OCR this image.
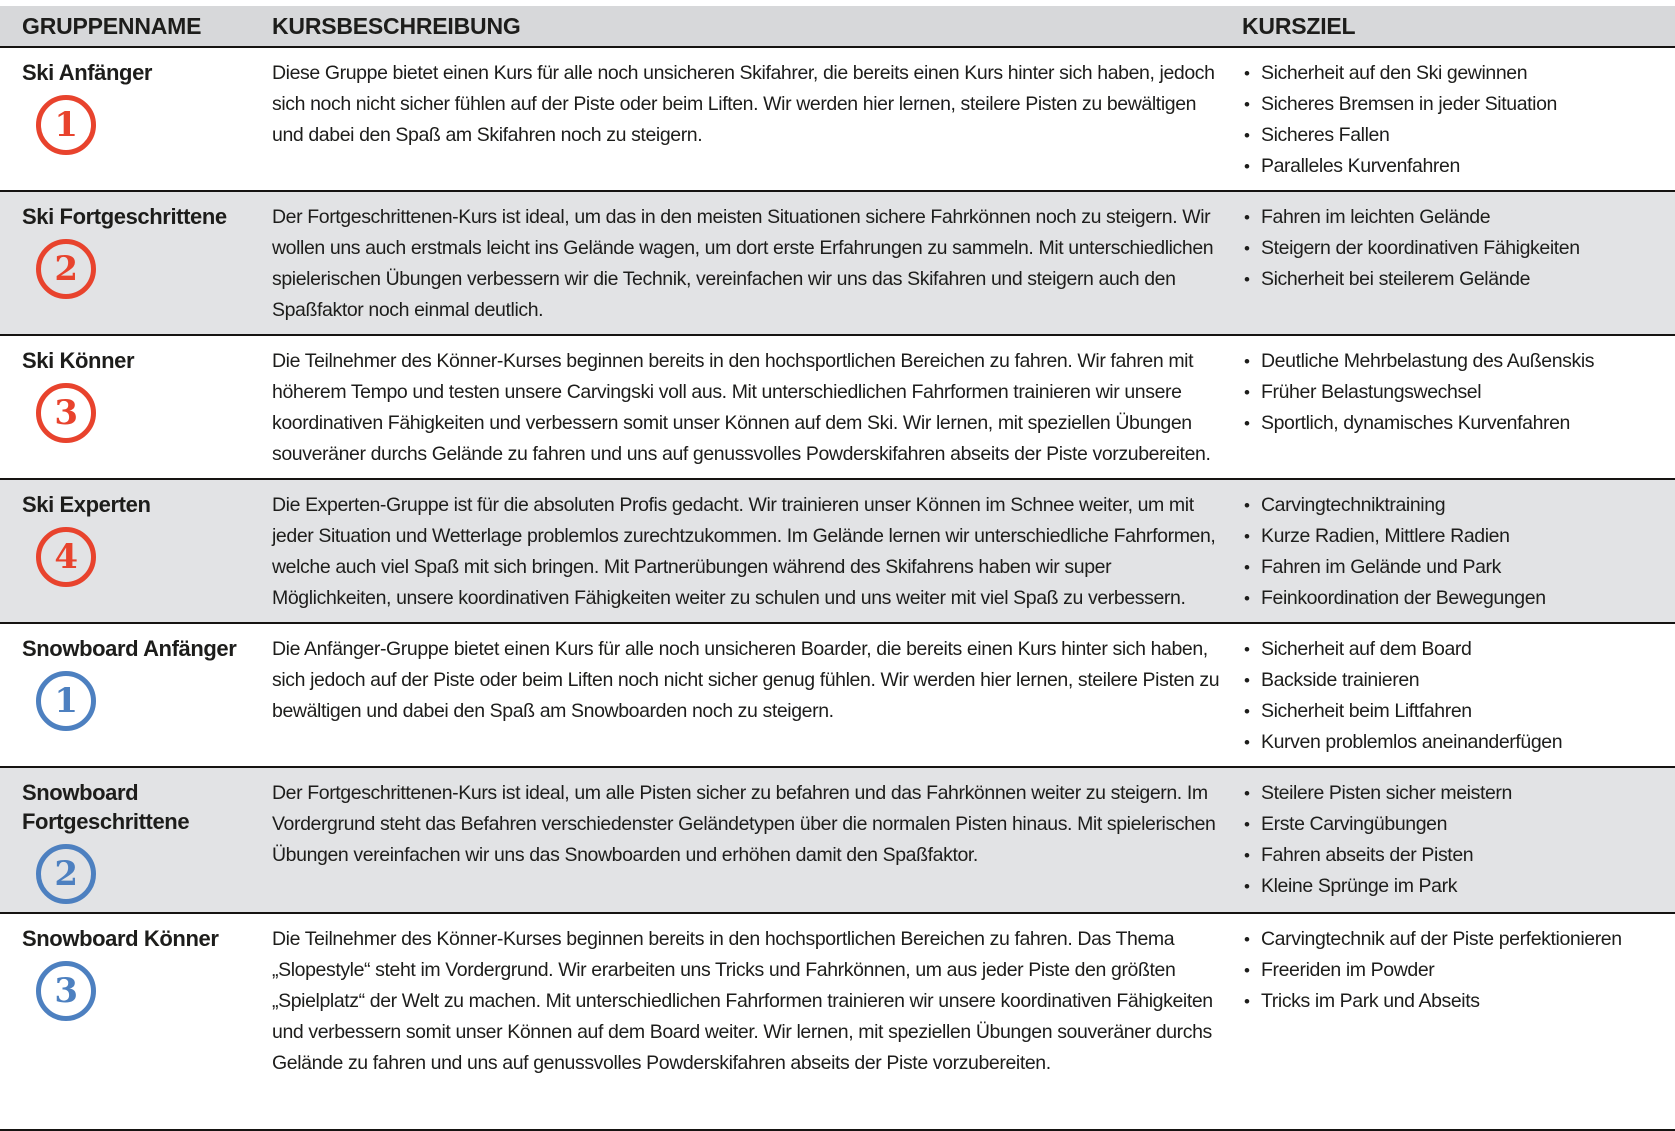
GRUPPENNAME	KURSBESCHREIBUNG	KURSZIEL
Ski Anfänger
1
Diese Gruppe bietet einen Kurs für alle noch unsicheren Skifahrer, die bereits einen Kurs hinter sich haben, jedoch sich noch nicht sicher fühlen auf der Piste oder beim Liften. Wir werden hier lernen, steilere Pisten zu bewältigen und dabei den Spaß am Skifahren noch zu steigern.
• Sicherheit auf den Ski gewinnen
• Sicheres Bremsen in jeder Situation
• Sicheres Fallen
• Paralleles Kurvenfahren
Ski Fortgeschrittene
2
Der Fortgeschrittenen-Kurs ist ideal, um das in den meisten Situationen sichere Fahrkönnen noch zu steigern. Wir wollen uns auch erstmals leicht ins Gelände wagen, um dort erste Erfahrungen zu sammeln. Mit unterschiedlichen spielerischen Übungen verbessern wir die Technik, vereinfachen wir uns das Skifahren und steigern auch den Spaßfaktor noch einmal deutlich.
• Fahren im leichten Gelände
• Steigern der koordinativen Fähigkeiten
• Sicherheit bei steilerem Gelände
Ski Könner
3
Die Teilnehmer des Könner-Kurses beginnen bereits in den hochsportlichen Bereichen zu fahren. Wir fahren mit höherem Tempo und testen unsere Carvingski voll aus. Mit unterschiedlichen Fahrformen trainieren wir unsere koordinativen Fähigkeiten und verbessern somit unser Können auf dem Ski. Wir lernen, mit speziellen Übungen souveräner durchs Gelände zu fahren und uns auf genussvolles Powderskifahren abseits der Piste vorzubereiten.
• Deutliche Mehrbelastung des Außenskis
• Früher Belastungswechsel
• Sportlich, dynamisches Kurvenfahren
Ski Experten
4
Die Experten-Gruppe ist für die absoluten Profis gedacht. Wir trainieren unser Können im Schnee weiter, um mit jeder Situation und Wetterlage problemlos zurechtzukommen. Im Gelände lernen wir unterschiedliche Fahrformen, welche auch viel Spaß mit sich bringen. Mit Partnerübungen während des Skifahrens haben wir super Möglichkeiten, unsere koordinativen Fähigkeiten weiter zu schulen und uns weiter mit viel Spaß zu verbessern.
• Carvingtechniktraining
• Kurze Radien, Mittlere Radien
• Fahren im Gelände und Park
• Feinkoordination der Bewegungen
Snowboard Anfänger
1
Die Anfänger-Gruppe bietet einen Kurs für alle noch unsicheren Boarder, die bereits einen Kurs hinter sich haben, sich jedoch auf der Piste oder beim Liften noch nicht sicher genug fühlen. Wir werden hier lernen, steilere Pisten zu bewältigen und dabei den Spaß am Snowboarden noch zu steigern.
• Sicherheit auf dem Board
• Backside trainieren
• Sicherheit beim Liftfahren
• Kurven problemlos aneinanderfügen
Snowboard Fortgeschrittene
2
Der Fortgeschrittenen-Kurs ist ideal, um alle Pisten sicher zu befahren und das Fahrkönnen weiter zu steigern. Im Vordergrund steht das Befahren verschiedenster Geländetypen über die normalen Pisten hinaus. Mit spielerischen Übungen vereinfachen wir uns das Snowboarden und erhöhen damit den Spaßfaktor.
• Steilere Pisten sicher meistern
• Erste Carvingübungen
• Fahren abseits der Pisten
• Kleine Sprünge im Park
Snowboard Könner
3
Die Teilnehmer des Könner-Kurses beginnen bereits in den hochsportlichen Bereichen zu fahren. Das Thema „Slopestyle“ steht im Vordergrund. Wir erarbeiten uns Tricks und Fahrkönnen, um aus jeder Piste den größten „Spielplatz“ der Welt zu machen. Mit unterschiedlichen Fahrformen trainieren wir unsere koordinativen Fähigkeiten und verbessern somit unser Können auf dem Board weiter. Wir lernen, mit speziellen Übungen souveräner durchs Gelände zu fahren und uns auf genussvolles Powderskifahren abseits der Piste vorzubereiten.
• Carvingtechnik auf der Piste perfektionieren
• Freeriden im Powder
• Tricks im Park und Abseits
